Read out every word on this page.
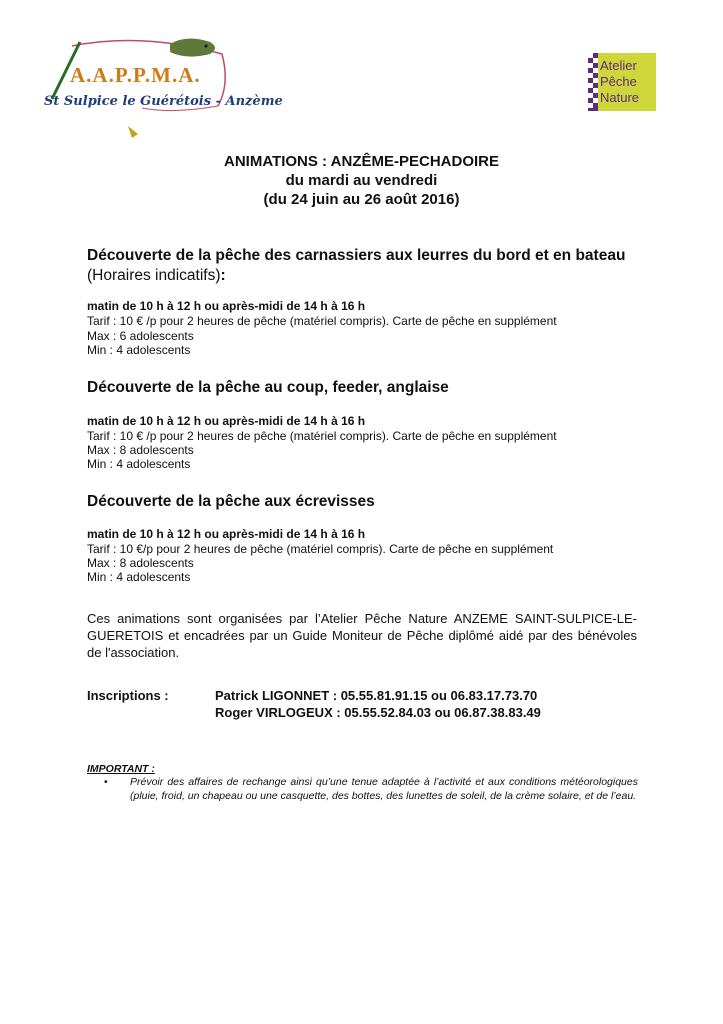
A.A.P.P.M.A.
St Sulpice le Guérétois - Anzème
Atelier
Pêche
Nature
ANIMATIONS : ANZÊME-PECHADOIRE
du mardi au vendredi
(du 24 juin au 26 août 2016)
Découverte de la pêche des carnassiers aux leurres du bord et en bateau (Horaires indicatifs):
matin de 10 h à 12 h ou après-midi de 14 h à 16 h
Tarif : 10 € /p pour 2 heures de pêche (matériel compris). Carte de pêche en supplément
Max : 6 adolescents
Min : 4 adolescents
Découverte de la pêche au coup, feeder, anglaise
matin de 10 h à 12 h ou après-midi de 14 h à 16 h
Tarif : 10 € /p pour 2 heures de pêche (matériel compris). Carte de pêche en supplément
Max : 8 adolescents
Min : 4 adolescents
Découverte de la pêche aux écrevisses
matin de 10 h à 12 h ou après-midi de 14 h à 16 h
Tarif : 10 €/p pour 2 heures de pêche (matériel compris). Carte de pêche en supplément
Max : 8 adolescents
Min : 4 adolescents
Ces animations sont organisées par l’Atelier Pêche Nature ANZEME SAINT-SULPICE-LE-GUERETOIS et encadrées par un Guide Moniteur de Pêche diplômé aidé par des bénévoles de l'association.
Inscriptions :	Patrick LIGONNET : 05.55.81.91.15 ou 06.83.17.73.70
Roger VIRLOGEUX : 05.55.52.84.03 ou 06.87.38.83.49
IMPORTANT :
• Prévoir des affaires de rechange ainsi qu’une tenue adaptée à l’activité et aux conditions météorologiques (pluie, froid, un chapeau ou une casquette, des bottes, des lunettes de soleil, de la crème solaire, et de l’eau.
